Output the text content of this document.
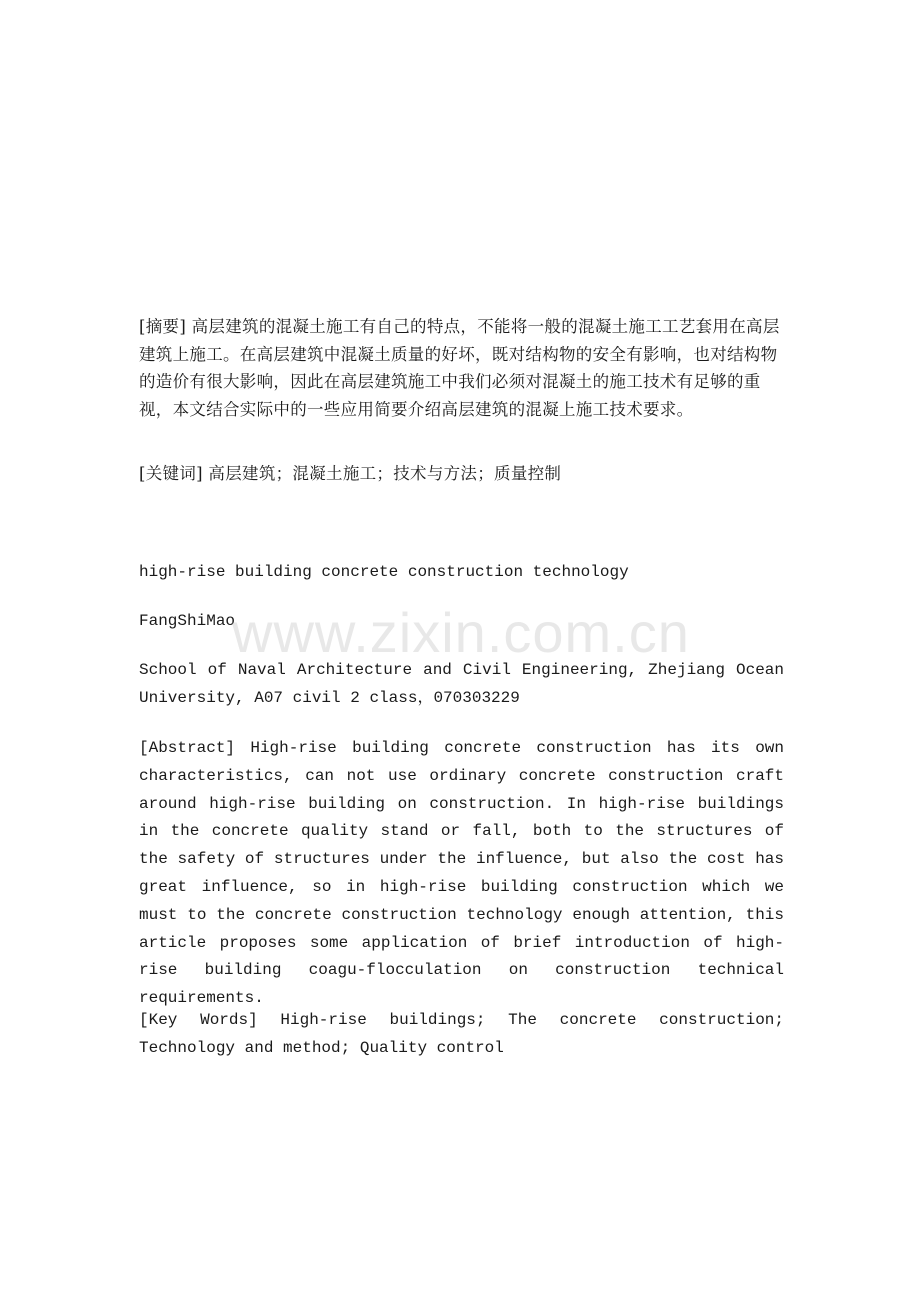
[摘要] 高层建筑的混凝土施工有自己的特点，不能将一般的混凝土施工工艺套用在高层建筑上施工。在高层建筑中混凝土质量的好坏，既对结构物的安全有影响，也对结构物的造价有很大影响，因此在高层建筑施工中我们必须对混凝土的施工技术有足够的重视，本文结合实际中的一些应用简要介绍高层建筑的混凝上施工技术要求。

[关键词] 高层建筑；混凝土施工；技术与方法；质量控制

high-rise building concrete construction technology

FangShiMao

School of Naval Architecture and Civil Engineering, Zhejiang Ocean University, A07 civil 2 class，070303229

[Abstract] High-rise building concrete construction has its own characteristics, can not use ordinary concrete construction craft around high-rise building on construction. In high-rise buildings in the concrete quality stand or fall, both to the structures of the safety of structures under the influence, but also the cost has great influence, so in high-rise building construction which we must to the concrete construction technology enough attention, this article proposes some application of brief introduction of high-rise building coagu-flocculation on construction technical requirements.

[Key Words] High-rise buildings; The concrete construction; Technology and method; Quality control

www.zixin.com.cn
